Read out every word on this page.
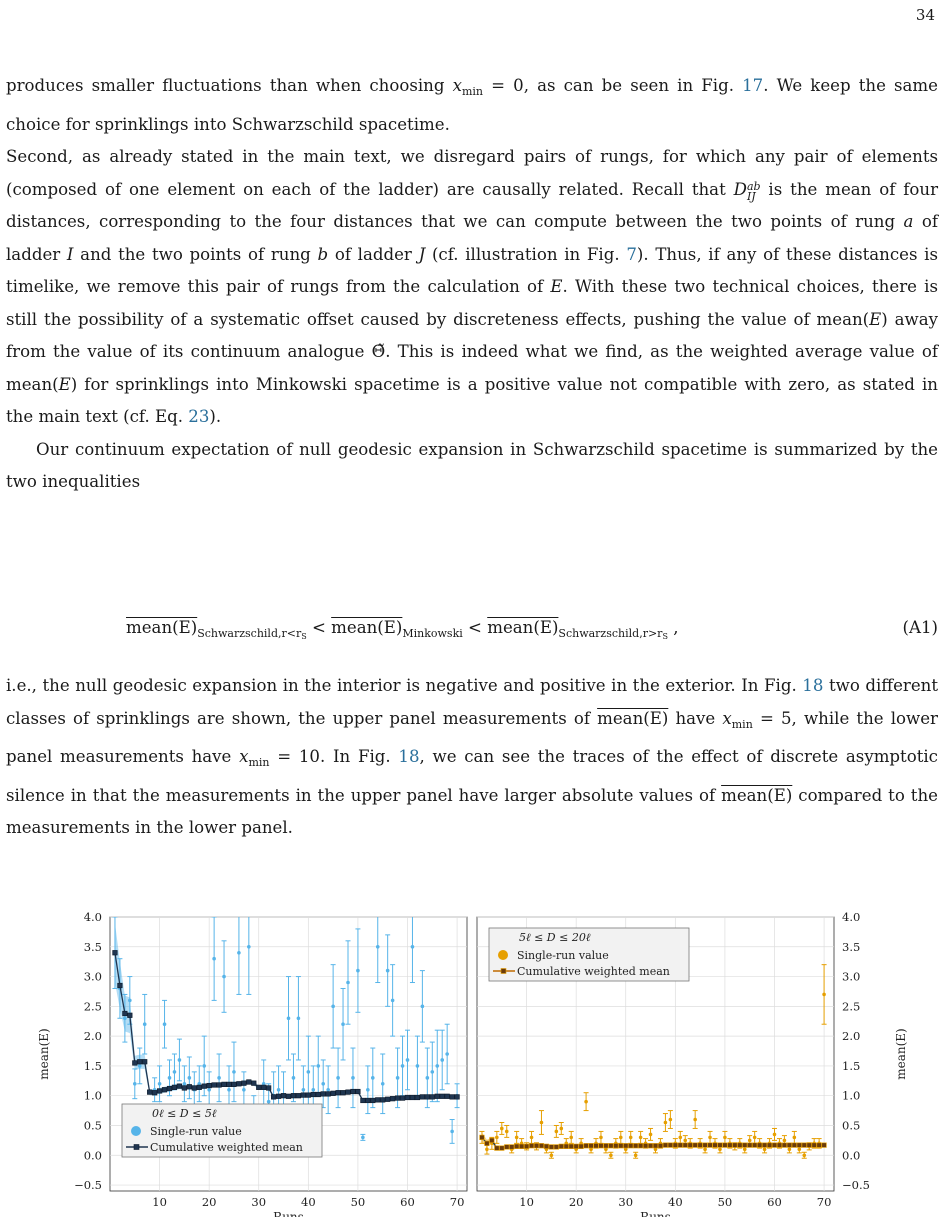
34

produces smaller fluctuations than when choosing $x_{min} = 0$, as can be seen in Fig. 17. We keep the same choice for sprinklings into Schwarzschild spacetime.

Second, as already stated in the main text, we disregard pairs of rungs, for which any pair of elements (composed of one element on each of the ladder) are causally related. Recall that D ab
IJ is the mean of four distances, corresponding to the four distances that we can compute between the two points of rung a of ladder I and the two points of rung b of ladder J (cf. illustration in Fig. 7). Thus, if any of these distances is timelike, we remove this pair of rungs from the calculation of E. With these two technical choices, there is still the possibility of a systematic offset caused by discreteness effects, pushing the value of mean(E) away from the value of its continuum analogue Θ̃. This is indeed what we find, as the weighted average value of mean(E) for sprinklings into Minkowski spacetime is a positive value not compatible with zero, as stated in the main text (cf. Eq. 23).

Our continuum expectation of null geodesic expansion in Schwarzschild spacetime is summarized by the two inequalities

$mean(E)_{Schwarzschild,r<rS}$ < $mean(E)_{Minkowski}$ < $mean(E)_{Schwarzschild,r>rS}$ ,	(A1)

i.e., the null geodesic expansion in the interior is negative and positive in the exterior. In Fig. 18 two different classes of sprinklings are shown, the upper panel measurements of mean(E) have $x_{min} = 5$, while the lower panel measurements have $x_{min} = 10$. In Fig. 18, we can see the traces of the effect of discrete asymptotic silence in that the measurements in the upper panel have larger absolute values of mean(E) compared to the measurements in the lower panel.

−0.5
0.0
0.5
1.0
1.5
2.0
2.5
3.0
3.5
4.0
10	20	30	40	50	60	70
Runs
mean(E)
0ℓ ≤ D ≤ 5ℓ
Single-run value
Cumulative weighted mean
−0.5
0.0
0.5
1.0
1.5
2.0
2.5
3.0
3.5
4.0
10	20	30	40	50	60	70
Runs
mean(E)
5ℓ ≤ D ≤ 20ℓ
Single-run value
Cumulative weighted mean
